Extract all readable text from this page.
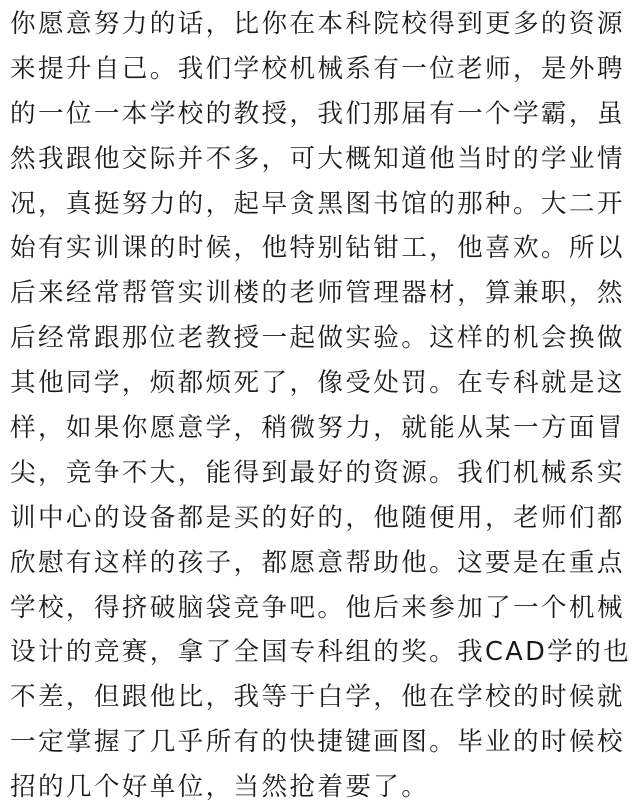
你愿意努力的话，比你在本科院校得到更多的资源
来提升自己。我们学校机械系有一位老师，是外聘
的一位一本学校的教授，我们那届有一个学霸，虽
然我跟他交际并不多，可大概知道他当时的学业情
况，真挺努力的，起早贪黑图书馆的那种。大二开
始有实训课的时候，他特别钻钳工，他喜欢。所以
后来经常帮管实训楼的老师管理器材，算兼职，然
后经常跟那位老教授一起做实验。这样的机会换做
其他同学，烦都烦死了，像受处罚。在专科就是这
样，如果你愿意学，稍微努力，就能从某一方面冒
尖，竞争不大，能得到最好的资源。我们机械系实
训中心的设备都是买的好的，他随便用，老师们都
欣慰有这样的孩子，都愿意帮助他。这要是在重点
学校，得挤破脑袋竞争吧。他后来参加了一个机械
设计的竞赛，拿了全国专科组的奖。我CAD学的也
不差，但跟他比，我等于白学，他在学校的时候就
一定掌握了几乎所有的快捷键画图。毕业的时候校
招的几个好单位，当然抢着要了。
